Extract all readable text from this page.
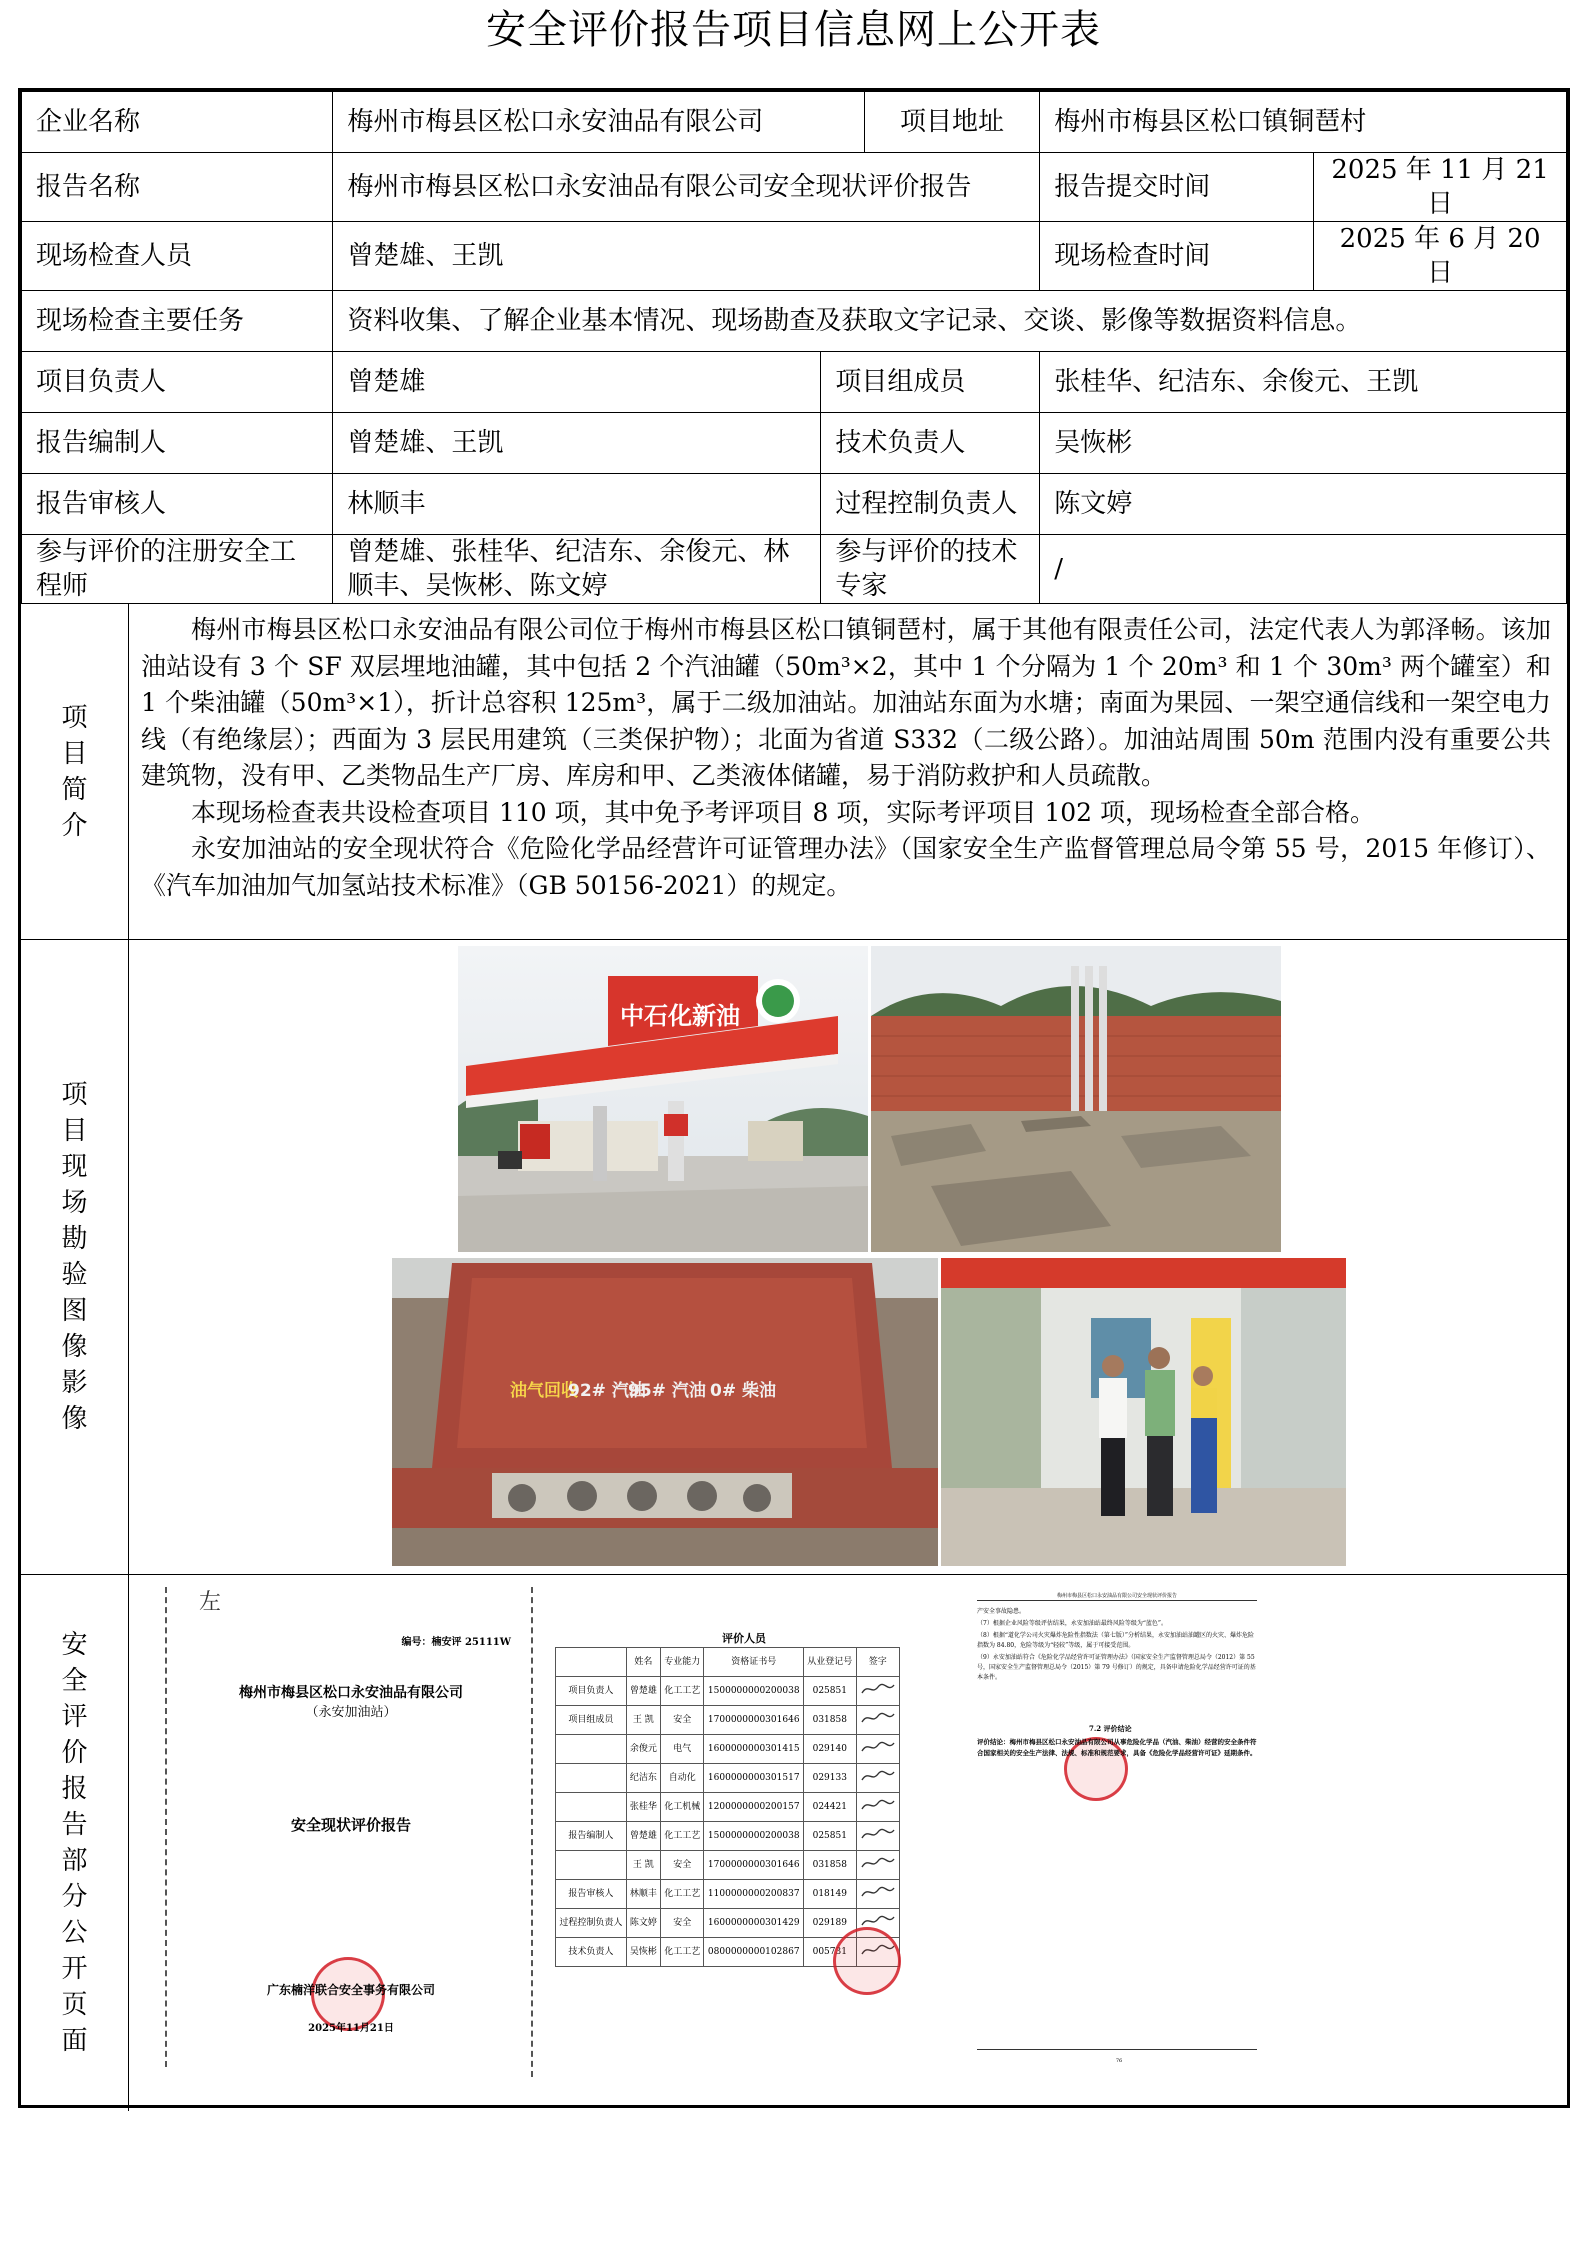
安全评价报告项目信息网上公开表
企业名称	梅州市梅县区松口永安油品有限公司		项目地址	梅州市梅县区松口镇铜琶村	
报告名称	梅州市梅县区松口永安油品有限公司安全现状评价报告			报告提交时间	2025 年 11 月 21 日
现场检查人员	曾楚雄、王凯			现场检查时间	2025 年 6 月 20 日
现场检查主要任务	资料收集、了解企业基本情况、现场勘查及获取文字记录、交谈、影像等数据资料信息。				
项目负责人	曾楚雄	项目组成员		张桂华、纪洁东、余俊元、王凯	
报告编制人	曾楚雄、王凯	技术负责人		吴恢彬	
报告审核人	林顺丰	过程控制负责人		陈文婷	
参与评价的注册安全工程师	曾楚雄、张桂华、纪洁东、余俊元、林顺丰、吴恢彬、陈文婷	参与评价的技术专家		/	
项目简介

梅州市梅县区松口永安油品有限公司位于梅州市梅县区松口镇铜琶村，属于其他有限责任公司，法定代表人为郭泽畅。该加油站设有 3 个 SF 双层埋地油罐，其中包括 2 个汽油罐（50m³×2，其中 1 个分隔为 1 个 20m³ 和 1 个 30m³ 两个罐室）和 1 个柴油罐（50m³×1），折计总容积 125m³，属于二级加油站。加油站东面为水塘；南面为果园、一架空通信线和一架空电力线（有绝缘层）；西面为 3 层民用建筑（三类保护物）；北面为省道 S332（二级公路）。加油站周围 50m 范围内没有重要公共建筑物，没有甲、乙类物品生产厂房、库房和甲、乙类液体储罐，易于消防救护和人员疏散。

本现场检查表共设检查项目 110 项，其中免予考评项目 8 项，实际考评项目 102 项，现场检查全部合格。

永安加油站的安全现状符合《危险化学品经营许可证管理办法》（国家安全生产监督管理总局令第 55 号，2015 年修订）、《汽车加油加气加氢站技术标准》（GB 50156-2021）的规定。

项目现场勘验图像影像
中石化新油
油气回收
92# 汽油
95# 汽油 0# 柴油
安全评价报告部分公开页面
左
编号：楠安评 25111W
梅州市梅县区松口永安油品有限公司
（永安加油站）
安全现状评价报告
广东楠洋联合安全事务有限公司
2025年11月21日
评价人员
	姓名	专业能力	资格证书号	从业登记号	签字
项目负责人	曾楚雄	化工工艺	1500000000200038	025851	
项目组成员	王 凯	安全	1700000000301646	031858	
	余俊元	电气	1600000000301415	029140	
	纪洁东	自动化	1600000000301517	029133	
	张桂华	化工机械	1200000000200157	024421	
报告编制人	曾楚雄	化工工艺	1500000000200038	025851	
	王 凯	安全	1700000000301646	031858	
报告审核人	林顺丰	化工工艺	1100000000200837	018149	
过程控制负责人	陈文婷	安全	1600000000301429	029189	
技术负责人	吴恢彬	化工工艺	0800000000102867	005731	
梅州市梅县区松口永安油品有限公司安全现状评价报告
产安全事故隐患。
（7）根据企业风险等级评估结果，永安加油站最终风险等级为“蓝色”。
（8）根据“道化学公司火灾爆炸危险性指数法（第七版）”分析结果，永安加油站油罐区的火灾、爆炸危险指数为 84.80，危险等级为“轻较”等级，属于可接受范围。
（9）永安加油站符合《危险化学品经营许可证管理办法》（国家安全生产监督管理总局令（2012）第 55 号，国家安全生产监督管理总局令（2015）第 79 号修订）的规定，具备申请危险化学品经营许可证的基本条件。
7.2 评价结论
评价结论：梅州市梅县区松口永安油品有限公司从事危险化学品（汽油、柴油）经营的安全条件符合国家相关的安全生产法律、法规、标准和规范要求，具备《危险化学品经营许可证》延期条件。
76
